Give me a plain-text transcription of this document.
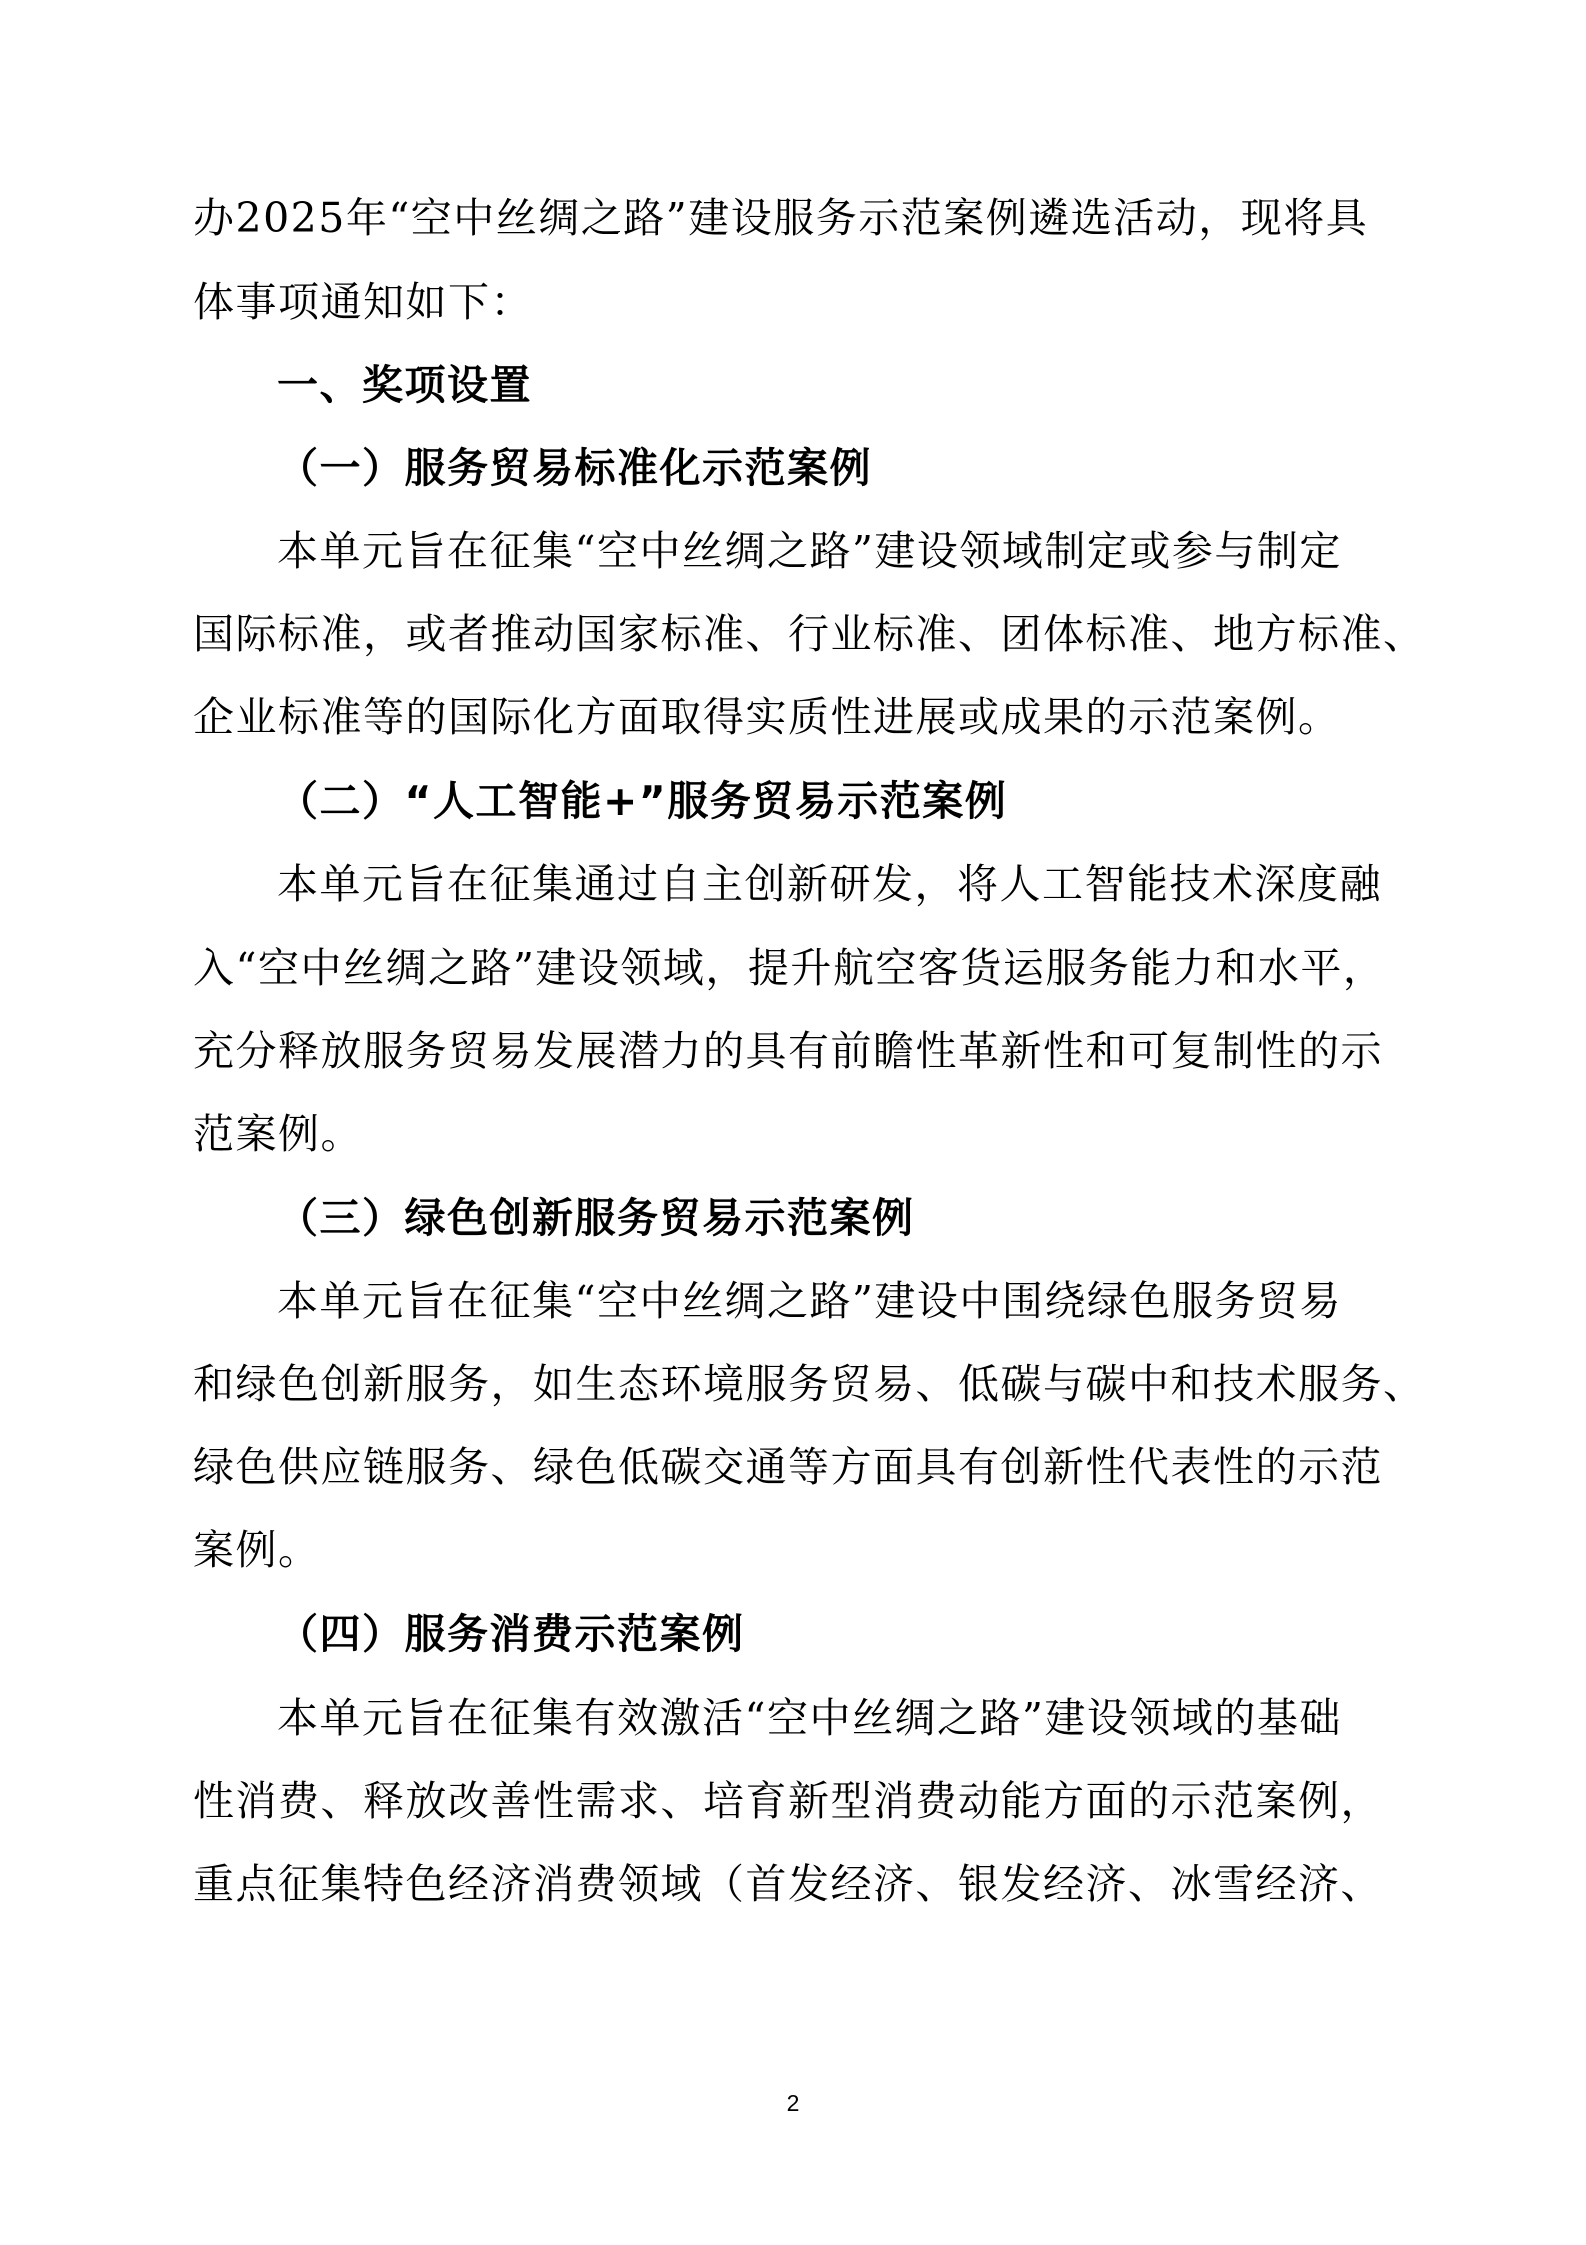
办2025年“空中丝绸之路”建设服务示范案例遴选活动，现将具
体事项通知如下：
一、奖项设置
（一）服务贸易标准化示范案例
本单元旨在征集“空中丝绸之路”建设领域制定或参与制定
国际标准，或者推动国家标准、行业标准、团体标准、地方标准、
企业标准等的国际化方面取得实质性进展或成果的示范案例。
（二）“人工智能+”服务贸易示范案例
本单元旨在征集通过自主创新研发，将人工智能技术深度融
入“空中丝绸之路”建设领域，提升航空客货运服务能力和水平，
充分释放服务贸易发展潜力的具有前瞻性革新性和可复制性的示
范案例。
（三）绿色创新服务贸易示范案例
本单元旨在征集“空中丝绸之路”建设中围绕绿色服务贸易
和绿色创新服务，如生态环境服务贸易、低碳与碳中和技术服务、
绿色供应链服务、绿色低碳交通等方面具有创新性代表性的示范
案例。
（四）服务消费示范案例
本单元旨在征集有效激活“空中丝绸之路”建设领域的基础
性消费、释放改善性需求、培育新型消费动能方面的示范案例，
重点征集特色经济消费领域（首发经济、银发经济、冰雪经济、
2
